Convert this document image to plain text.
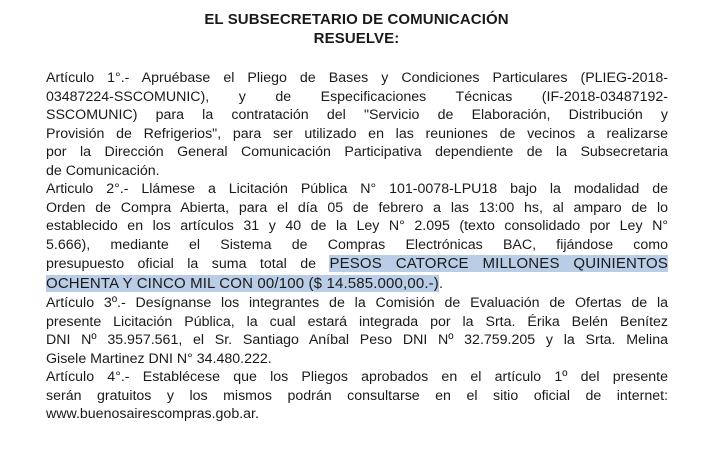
EL SUBSECRETARIO DE COMUNICACIÓN
RESUELVE:
Artículo 1°.- Apruébase el Pliego de Bases y Condiciones Particulares (PLIEG-2018-
03487224-SSCOMUNIC), y de Especificaciones Técnicas (IF-2018-03487192-
SSCOMUNIC) para la contratación del "Servicio de Elaboración, Distribución y
Provisión de Refrigerios", para ser utilizado en las reuniones de vecinos a realizarse
por la Dirección General Comunicación Participativa dependiente de la Subsecretaria
de Comunicación.
Articulo 2°.- Llámese a Licitación Pública N° 101-0078-LPU18 bajo la modalidad de
Orden de Compra Abierta, para el día 05 de febrero a las 13:00 hs, al amparo de lo
establecido en los artículos 31 y 40 de la Ley N° 2.095 (texto consolidado por Ley N°
5.666), mediante el Sistema de Compras Electrónicas BAC, fijándose como
presupuesto oficial la suma total de PESOS CATORCE MILLONES QUINIENTOS
OCHENTA Y CINCO MIL CON 00/100 ($ 14.585.000,00.-).
Artículo 3º.- Desígnanse los integrantes de la Comisión de Evaluación de Ofertas de la
presente Licitación Pública, la cual estará integrada por la Srta. Érika Belén Benítez
DNI Nº 35.957.561, el Sr. Santiago Aníbal Peso DNI Nº 32.759.205 y la Srta. Melina
Gisele Martinez DNI N° 34.480.222.
Artículo 4°.- Establécese que los Pliegos aprobados en el artículo 1º del presente
serán gratuitos y los mismos podrán consultarse en el sitio oficial de internet:
www.buenosairescompras.gob.ar.
